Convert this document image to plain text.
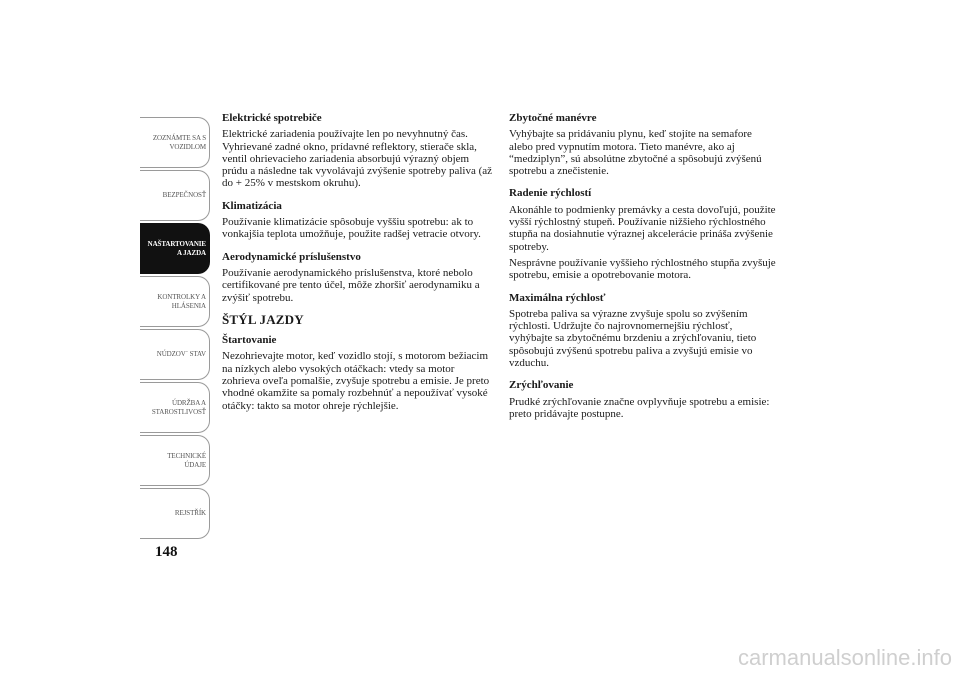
ZOZNÁMTE SA S
VOZIDLOM
BEZPEČNOSŤ
NAŠTARTOVANIE
A JAZDA
KONTROLKY A
HLÁSENIA
NÚDZOV´ STAV
ÚDRŽBA A
STAROSTLIVOSŤ
TECHNICKÉ
ÚDAJE
REJSTŘÍK
148
Elektrické spotrebiče

Elektrické zariadenia používajte len po nevyhnutný čas. Vyhrievané zadné okno, prídavné reflektory, stierače skla, ventil ohrievacieho zariadenia absorbujú výrazný objem prúdu a následne tak vyvolávajú zvýšenie spotreby paliva (až do + 25% v mestskom okruhu).

Klimatizácia

Používanie klimatizácie spôsobuje vyššiu spotrebu: ak to vonkajšia teplota umožňuje, použite radšej vetracie otvory.

Aerodynamické príslušenstvo

Používanie aerodynamického príslušenstva, ktoré nebolo certifikované pre tento účel, môže zhoršiť aerodynamiku a zvýšiť spotrebu.

ŠTÝL JAZDY
Štartovanie

Nezohrievajte motor, keď vozidlo stojí, s motorom bežiacim na nízkych alebo vysokých otáčkach: vtedy sa motor zohrieva oveľa pomalšie, zvyšuje spotrebu a emisie. Je preto vhodné okamžite sa pomaly rozbehnúť a nepoužívať vysoké otáčky: takto sa motor ohreje rýchlejšie.

Zbytočné manévre

Vyhýbajte sa pridávaniu plynu, keď stojíte na semafore alebo pred vypnutím motora. Tieto manévre, ako aj “medziplyn”, sú absolútne zbytočné a spôsobujú zvýšenú spotrebu a znečistenie.

Radenie rýchlostí

Akonáhle to podmienky premávky a cesta dovoľujú, použite vyšší rýchlostný stupeň. Používanie nižšieho rýchlostného stupňa na dosiahnutie výraznej akcelerácie prináša zvýšenie spotreby.

Nesprávne používanie vyššieho rýchlostného stupňa zvyšuje spotrebu, emisie a opotrebovanie motora.

Maximálna rýchlosť

Spotreba paliva sa výrazne zvyšuje spolu so zvýšením rýchlosti. Udržujte čo najrovnomernejšiu rýchlosť, vyhýbajte sa zbytočnému brzdeniu a zrýchľovaniu, tieto spôsobujú zvýšenú spotrebu paliva a zvyšujú emisie vo vzduchu.

Zrýchľovanie

Prudké zrýchľovanie značne ovplyvňuje spotrebu a emisie: preto pridávajte postupne.

carmanualsonline.info
